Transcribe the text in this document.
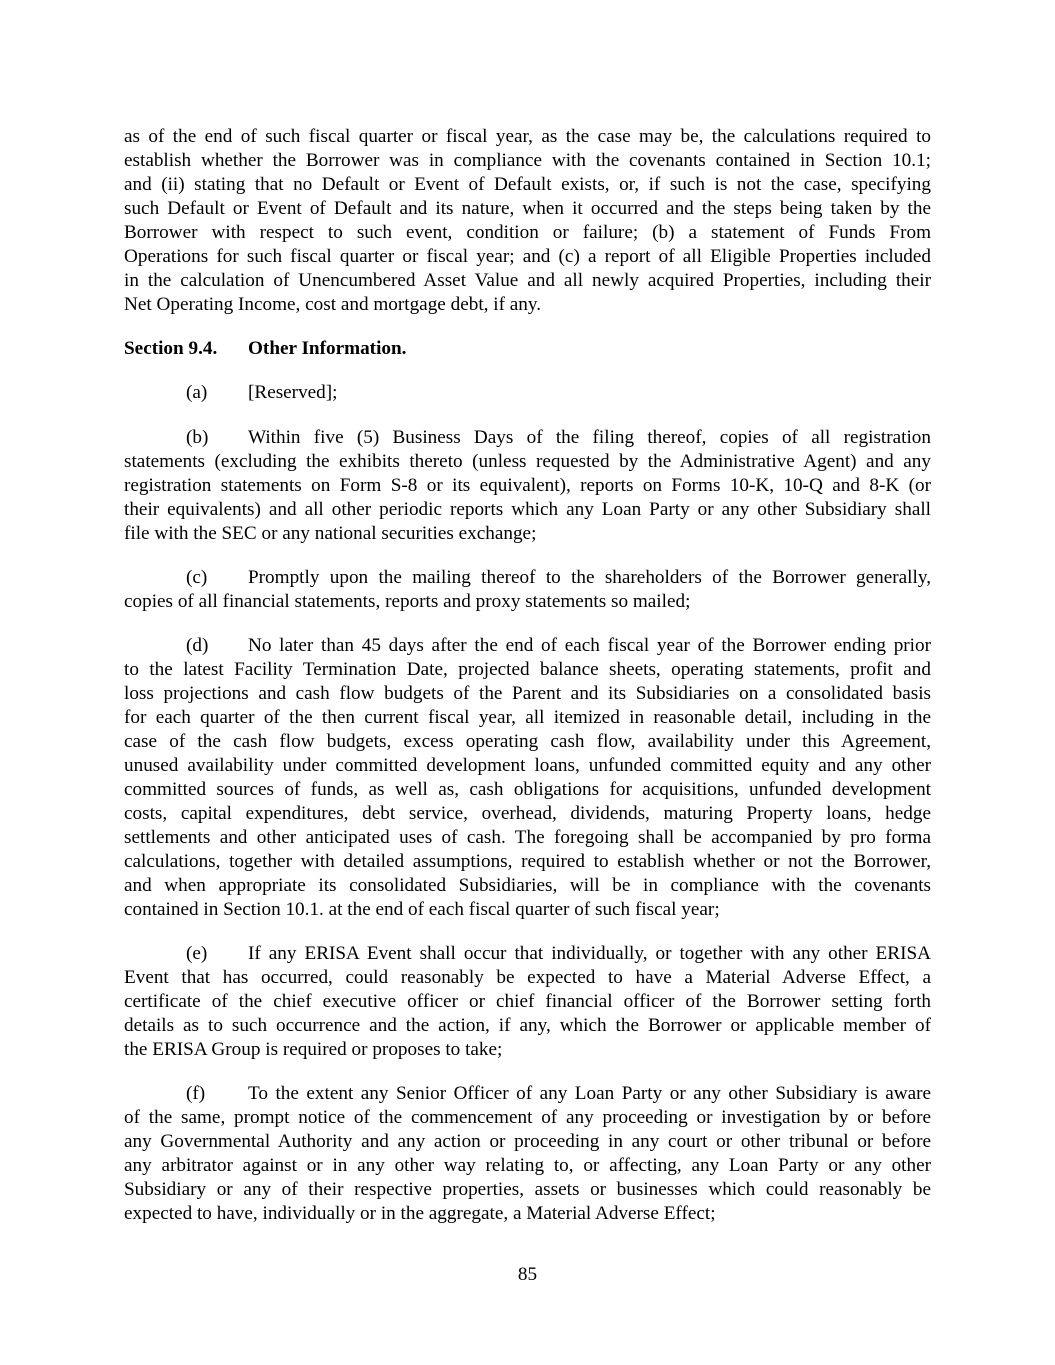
as of the end of such fiscal quarter or fiscal year, as the case may be, the calculations required to
establish whether the Borrower was in compliance with the covenants contained in Section 10.1;
and (ii) stating that no Default or Event of Default exists, or, if such is not the case, specifying
such Default or Event of Default and its nature, when it occurred and the steps being taken by the
Borrower with respect to such event, condition or failure; (b) a statement of Funds From
Operations for such fiscal quarter or fiscal year; and (c) a report of all Eligible Properties included
in the calculation of Unencumbered Asset Value and all newly acquired Properties, including their
Net Operating Income, cost and mortgage debt, if any.
Section 9.4. Other Information.
(a) [Reserved];
(b) Within five (5) Business Days of the filing thereof, copies of all registration
statements (excluding the exhibits thereto (unless requested by the Administrative Agent) and any
registration statements on Form S-8 or its equivalent), reports on Forms 10-K, 10-Q and 8-K (or
their equivalents) and all other periodic reports which any Loan Party or any other Subsidiary shall
file with the SEC or any national securities exchange;
(c) Promptly upon the mailing thereof to the shareholders of the Borrower generally,
copies of all financial statements, reports and proxy statements so mailed;
(d) No later than 45 days after the end of each fiscal year of the Borrower ending prior
to the latest Facility Termination Date, projected balance sheets, operating statements, profit and
loss projections and cash flow budgets of the Parent and its Subsidiaries on a consolidated basis
for each quarter of the then current fiscal year, all itemized in reasonable detail, including in the
case of the cash flow budgets, excess operating cash flow, availability under this Agreement,
unused availability under committed development loans, unfunded committed equity and any other
committed sources of funds, as well as, cash obligations for acquisitions, unfunded development
costs, capital expenditures, debt service, overhead, dividends, maturing Property loans, hedge
settlements and other anticipated uses of cash. The foregoing shall be accompanied by pro forma
calculations, together with detailed assumptions, required to establish whether or not the Borrower,
and when appropriate its consolidated Subsidiaries, will be in compliance with the covenants
contained in Section 10.1. at the end of each fiscal quarter of such fiscal year;
(e) If any ERISA Event shall occur that individually, or together with any other ERISA
Event that has occurred, could reasonably be expected to have a Material Adverse Effect, a
certificate of the chief executive officer or chief financial officer of the Borrower setting forth
details as to such occurrence and the action, if any, which the Borrower or applicable member of
the ERISA Group is required or proposes to take;
(f) To the extent any Senior Officer of any Loan Party or any other Subsidiary is aware
of the same, prompt notice of the commencement of any proceeding or investigation by or before
any Governmental Authority and any action or proceeding in any court or other tribunal or before
any arbitrator against or in any other way relating to, or affecting, any Loan Party or any other
Subsidiary or any of their respective properties, assets or businesses which could reasonably be
expected to have, individually or in the aggregate, a Material Adverse Effect;
85
